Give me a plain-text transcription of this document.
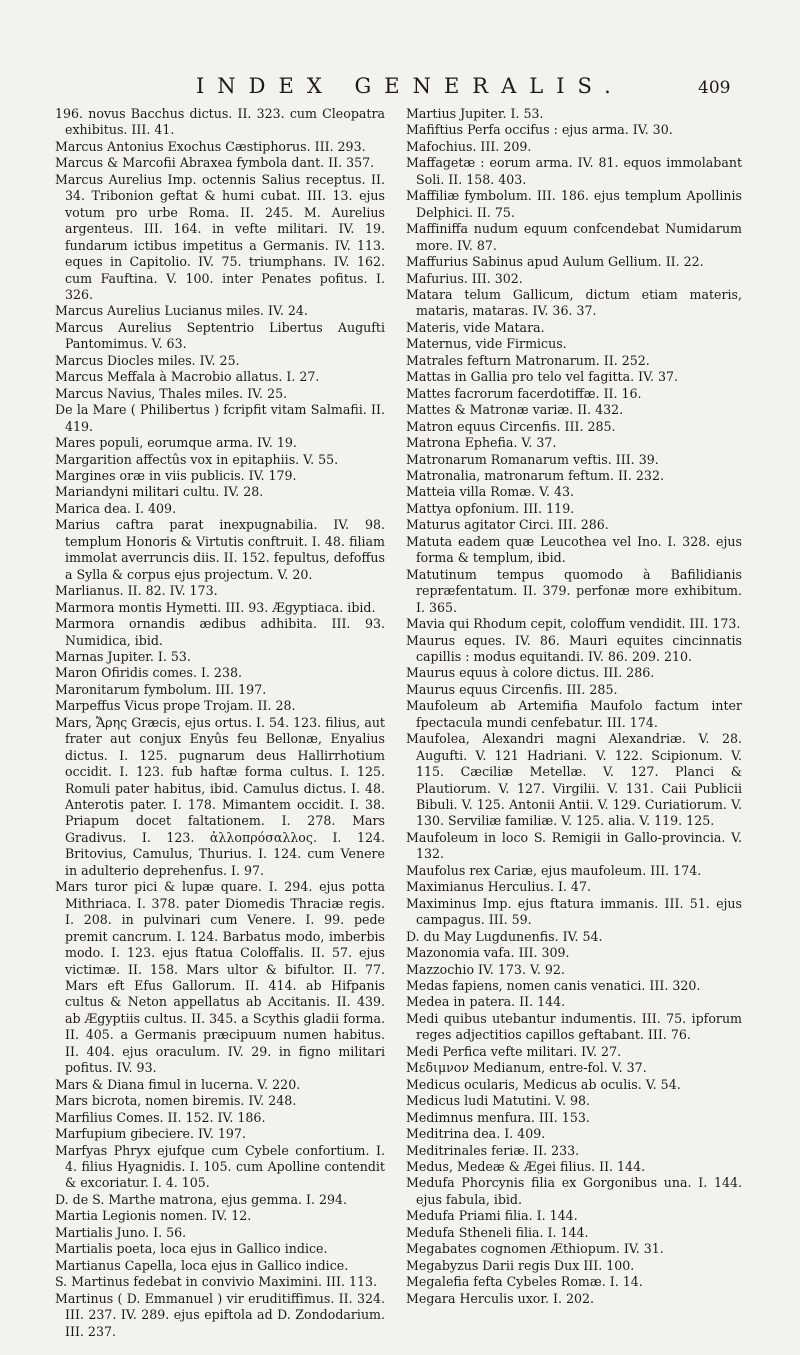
INDEX GENERALIS.	409

196. novus Bacchus dictus. II. 323. cum Cleopatra exhibitus. III. 41.

Marcus Antonius Exochus Cæstiphorus. III. 293.

Marcus & Marcofii Abraxea fymbola dant. II. 357.

Marcus Aurelius Imp. octennis Salius receptus. II. 34. Tribonion geftat & humi cubat. III. 13. ejus votum pro urbe Roma. II. 245. M. Aurelius argenteus. III. 164. in vefte militari. IV. 19. fundarum ictibus impetitus a Germanis. IV. 113. eques in Capitolio. IV. 75. triumphans. IV. 162. cum Fauftina. V. 100. inter Penates pofitus. I. 326.

Marcus Aurelius Lucianus miles. IV. 24.

Marcus Aurelius Septentrio Libertus Augufti Pantomimus. V. 63.

Marcus Diocles miles. IV. 25.

Marcus Meffala à Macrobio allatus. I. 27.

Marcus Navius, Thales miles. IV. 25.

De la Mare ( Philibertus ) fcripfit vitam Salmafii. II. 419.

Mares populi, eorumque arma. IV. 19.

Margarition affectûs vox in epitaphiis. V. 55.

Margines oræ in viis publicis. IV. 179.

Mariandyni militari cultu. IV. 28.

Marica dea. I. 409.

Marius caftra parat inexpugnabilia. IV. 98. templum Honoris & Virtutis conftruit. I. 48. filiam immolat averruncis diis. II. 152. fepultus, defoffus a Sylla & corpus ejus projectum. V. 20.

Marlianus. II. 82. IV. 173.

Marmora montis Hymetti. III. 93. Ægyptiaca. ibid.

Marmora ornandis ædibus adhibita. III. 93. Numidica, ibid.

Marnas Jupiter. I. 53.

Maron Ofiridis comes. I. 238.

Maronitarum fymbolum. III. 197.

Marpeffus Vicus prope Trojam. II. 28.

Mars, Ἄρης Græcis, ejus ortus. I. 54. 123. filius, aut frater aut conjux Enyûs feu Bellonæ, Enyalius dictus. I. 125. pugnarum deus Hallirrhotium occidit. I. 123. fub haftæ forma cultus. I. 125. Romuli pater habitus, ibid. Camulus dictus. I. 48. Anterotis pater. I. 178. Mimantem occidit. I. 38. Priapum docet faltationem. I. 278. Mars Gradivus. I. 123. ἀλλοπρόσαλλος. I. 124. Britovius, Camulus, Thurius. I. 124. cum Venere in adulterio deprehenfus. I. 97.

Mars turor pici & lupæ quare. I. 294. ejus potta Mithriaca. I. 378. pater Diomedis Thraciæ regis. I. 208. in pulvinari cum Venere. I. 99. pede premit cancrum. I. 124. Barbatus modo, imberbis modo. I. 123. ejus ftatua Coloffalis. II. 57. ejus victimæ. II. 158. Mars ultor & bifultor. II. 77. Mars eft Efus Gallorum. II. 414. ab Hifpanis cultus & Neton appellatus ab Accitanis. II. 439. ab Ægyptiis cultus. II. 345. a Scythis gladii forma. II. 405. a Germanis præcipuum numen habitus. II. 404. ejus oraculum. IV. 29. in figno militari pofitus. IV. 93.

Mars & Diana fimul in lucerna. V. 220.

Mars bicrota, nomen biremis. IV. 248.

Marfilius Comes. II. 152. IV. 186.

Marfupium gibeciere. IV. 197.

Marfyas Phryx ejufque cum Cybele confortium. I. 4. filius Hyagnidis. I. 105. cum Apolline contendit & excoriatur. I. 4. 105.

D. de S. Marthe matrona, ejus gemma. I. 294.

Martia Legionis nomen. IV. 12.

Martialis Juno. I. 56.

Martialis poeta, loca ejus in Gallico indice.

Martianus Capella, loca ejus in Gallico indice.

S. Martinus fedebat in convivio Maximini. III. 113.

Martinus ( D. Emmanuel ) vir eruditiffimus. II. 324. III. 237. IV. 289. ejus epiftola ad D. Zondodarium. III. 237.

Martius Jupiter. I. 53.

Mafiftius Perfa occifus : ejus arma. IV. 30.

Mafochius. III. 209.

Maffagetæ : eorum arma. IV. 81. equos immolabant Soli. II. 158. 403.

Maffiliæ fymbolum. III. 186. ejus templum Apollinis Delphici. II. 75.

Maffiniffa nudum equum confcendebat Numidarum more. IV. 87.

Maffurius Sabinus apud Aulum Gellium. II. 22.

Mafurius. III. 302.

Matara telum Gallicum, dictum etiam materis, mataris, mataras. IV. 36. 37.

Materis, vide Matara.

Maternus, vide Firmicus.

Matrales fefturn Matronarum. II. 252.

Mattas in Gallia pro telo vel fagitta. IV. 37.

Mattes facrorum facerdotiffæ. II. 16.

Mattes & Matronæ variæ. II. 432.

Matron equus Circenfis. III. 285.

Matrona Ephefia. V. 37.

Matronarum Romanarum veftis. III. 39.

Matronalia, matronarum feftum. II. 232.

Matteia villa Romæ. V. 43.

Mattya opfonium. III. 119.

Maturus agitator Circi. III. 286.

Matuta eadem quæ Leucothea vel Ino. I. 328. ejus forma & templum, ibid.

Matutinum tempus quomodo à Bafilidianis repræfentatum. II. 379. perfonæ more exhibitum. I. 365.

Mavia qui Rhodum cepit, coloffum vendidit. III. 173.

Maurus eques. IV. 86. Mauri equites cincinnatis capillis : modus equitandi. IV. 86. 209. 210.

Maurus equus à colore dictus. III. 286.

Maurus equus Circenfis. III. 285.

Maufoleum ab Artemifia Maufolo factum inter fpectacula mundi cenfebatur. III. 174.

Maufolea, Alexandri magni Alexandriæ. V. 28. Augufti. V. 121 Hadriani. V. 122. Scipionum. V. 115. Cæciliæ Metellæ. V. 127. Planci & Plautiorum. V. 127. Virgilii. V. 131. Caii Publicii Bibuli. V. 125. Antonii Antii. V. 129. Curiatiorum. V. 130. Serviliæ familiæ. V. 125. alia. V. 119. 125.

Maufoleum in loco S. Remigii in Gallo-provincia. V. 132.

Maufolus rex Cariæ, ejus maufoleum. III. 174.

Maximianus Herculius. I. 47.

Maximinus Imp. ejus ftatura immanis. III. 51. ejus campagus. III. 59.

D. du May Lugdunenfis. IV. 54.

Mazonomia vafa. III. 309.

Mazzochio IV. 173. V. 92.

Medas fapiens, nomen canis venatici. III. 320.

Medea in patera. II. 144.

Medi quibus utebantur indumentis. III. 75. ipforum reges adjectitios capillos geftabant. III. 76.

Medi Perfica vefte militari. IV. 27.

Μεδιμνον Medianum, entre-fol. V. 37.

Medicus ocularis, Medicus ab oculis. V. 54.

Medicus ludi Matutini. V. 98.

Medimnus menfura. III. 153.

Meditrina dea. I. 409.

Meditrinales feriæ. II. 233.

Medus, Medeæ & Ægei filius. II. 144.

Medufa Phorcynis filia ex Gorgonibus una. I. 144. ejus fabula, ibid.

Medufa Priami filia. I. 144.

Medufa Stheneli filia. I. 144.

Megabates cognomen Æthiopum. IV. 31.

Megabyzus Darii regis Dux III. 100.

Megalefia fefta Cybeles Romæ. I. 14.

Megara Herculis uxor. I. 202.
